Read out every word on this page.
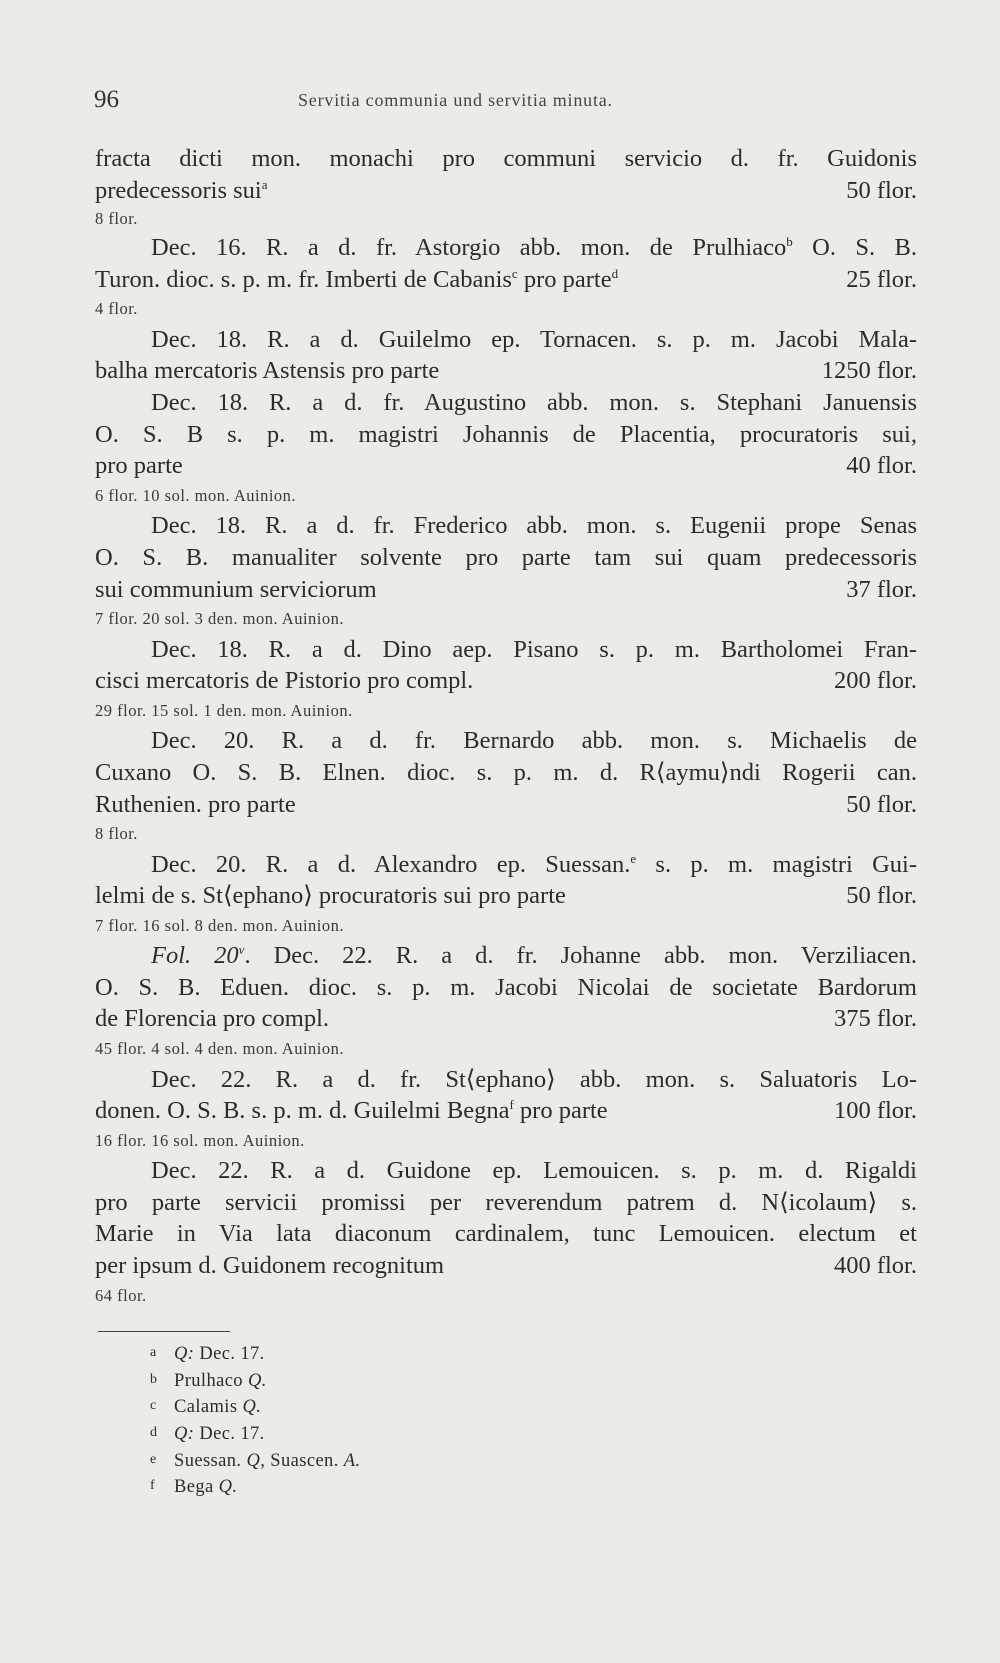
96	Servitia communia und servitia minuta.
fracta dicti mon. monachi pro communi servicio d. fr. Guidonis
predecessoris sui$^a$	50 flor.
8 flor.
Dec. 16. R. a d. fr. Astorgio abb. mon. de Prulhiaco$^b$ O. S. B.
Turon. dioc. s. p. m. fr. Imberti de Cabanis$^c$ pro parte$^d$	25 flor.
4 flor.
Dec. 18. R. a d. Guilelmo ep. Tornacen. s. p. m. Jacobi Mala-
balha mercatoris Astensis pro parte	1250 flor.
Dec. 18. R. a d. fr. Augustino abb. mon. s. Stephani Januensis
O. S. B s. p. m. magistri Johannis de Placentia, procuratoris sui,
pro parte	40 flor.
6 flor. 10 sol. mon. Auinion.
Dec. 18. R. a d. fr. Frederico abb. mon. s. Eugenii prope Senas
O. S. B. manualiter solvente pro parte tam sui quam predecessoris
sui communium serviciorum	37 flor.
7 flor. 20 sol. 3 den. mon. Auinion.
Dec. 18. R. a d. Dino aep. Pisano s. p. m. Bartholomei Fran-
cisci mercatoris de Pistorio pro compl.	200 flor.
29 flor. 15 sol. 1 den. mon. Auinion.
Dec. 20. R. a d. fr. Bernardo abb. mon. s. Michaelis de
Cuxano O. S. B. Elnen. dioc. s. p. m. d. R⟨aymu⟩ndi Rogerii can.
Ruthenien. pro parte	50 flor.
8 flor.
Dec. 20. R. a d. Alexandro ep. Suessan.$^e$ s. p. m. magistri Gui-
lelmi de s. St⟨ephano⟩ procuratoris sui pro parte	50 flor.
7 flor. 16 sol. 8 den. mon. Auinion.
Fol. 20$^v$. Dec. 22. R. a d. fr. Johanne abb. mon. Verziliacen.
O. S. B. Eduen. dioc. s. p. m. Jacobi Nicolai de societate Bardorum
de Florencia pro compl.	375 flor.
45 flor. 4 sol. 4 den. mon. Auinion.
Dec. 22. R. a d. fr. St⟨ephano⟩ abb. mon. s. Saluatoris Lo-
donen. O. S. B. s. p. m. d. Guilelmi Begna$^f$ pro parte	100 flor.
16 flor. 16 sol. mon. Auinion.
Dec. 22. R. a d. Guidone ep. Lemouicen. s. p. m. d. Rigaldi
pro parte servicii promissi per reverendum patrem d. N⟨icolaum⟩ s.
Marie in Via lata diaconum cardinalem, tunc Lemouicen. electum et
per ipsum d. Guidonem recognitum	400 flor.
64 flor.
a Q: Dec. 17.
b Prulhaco Q.
c Calamis Q.
d Q: Dec. 17.
e Suessan. Q, Suascen. A.
f Bega Q.
